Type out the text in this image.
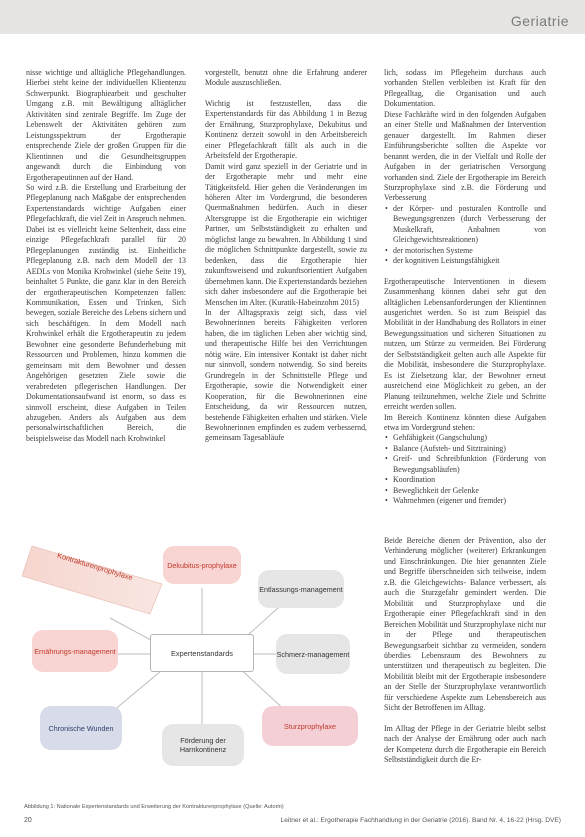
Geriatrie

nisse wichtige und alltägliche Pflegehandlungen. Hierbei steht keine der individuellen Klientenzu Schwerpunkt. Biographiearbeit und geschulter Umgang z.B. mit Bewältigung alltäglicher Aktivitäten sind zentrale Begriffe. Im Zuge der Lebenswelt der Aktivitäten gehören zum Leistungsspektrum der Ergotherapie entsprechende Ziele der großen Gruppen für die Klientinnen und die Gesundheitsgruppen angewandt durch die Einbindung von Ergotherapeutinnen auf der Hand.

So wird z.B. die Erstellung und Erarbeitung der Pflegeplanung nach Maßgabe der entsprechenden Expertenstandards wichtige Aufgaben einer Pflegefachkraft, die viel Zeit in Anspruch nehmen. Dabei ist es vielleicht keine Seltenheit, dass eine einzige Pflegefachkraft parallel für 20 Pflegeplanungen zuständig ist. Einheitliche Pflegeplanung z.B. nach dem Modell der 13 AEDLs von Monika Krohwinkel (siehe Seite 19), beinhaltet 5 Punkte, die ganz klar in den Bereich der ergotherapeutischen Kompetenzen fallen: Kommunikation, Essen und Trinken, Sich bewegen, soziale Bereiche des Lebens sichern und sich beschäftigen. In dem Modell nach Krohwinkel erhält die Ergotherapeutin zu jedem Bewohner eine gesonderte Befunderhebung mit Ressourcen und Problemen, hinzu kommen die gemeinsam mit dem Bewohner und dessen Angehörigen gesetzten Ziele sowie die verabredeten pflegerischen Handlungen. Der Dokumentationsaufwand ist enorm, so dass es sinnvoll erscheint, diese Aufgaben in Teilen abzugeben. Anders als Aufgaben aus dem personalwirtschaftlichen Bereich, die beispielsweise das Modell nach Krohwinkel

vorgestellt, benutzt ohne die Erfahrung anderer Module auszuschließen.

Wichtig ist festzustellen, dass die Expertenstandards für das Abbildung 1 in Bezug der Ernährung, Sturzprophylaxe, Dekubitus und Kontinenz derzeit sowohl in den Arbeitsbereich einer Pflegefachkraft fällt als auch in die Arbeitsfeld der Ergotherapie.

Damit wird ganz speziell in der Geriatrie und in der Ergotherapie mehr und mehr eine Tätigkeitsfeld. Hier gehen die Veränderungen im höheren Alter im Vordergrund, die besonderen Quermaßnahmen bedürfen. Auch in dieser Altersgruppe ist die Ergotherapie ein wichtiger Partner, um Selbstständigkeit zu erhalten und möglichst lange zu bewahren. In Abbildung 1 sind die möglichen Schnittpunkte dargestellt, sowie zu bedenken, dass die Ergotherapie hier zukunftsweisend und zukunftsorientiert Aufgaben übernehmen kann. Die Expertenstandards beziehen sich daher insbesondere auf die Ergotherapie bei Menschen im Alter. (Kuratik-Habeinzohm 2015)

In der Alltagspraxis zeigt sich, dass viel Bewohnerinnen bereits Fähigkeiten verloren haben, die im täglichen Leben aber wichtig sind, und therapeutische Hilfe bei den Verrichtungen nötig wäre. Ein intensiver Kontakt ist daher nicht nur sinnvoll, sondern notwendig. So sind bereits Grundregeln in der Schnittstelle Pflege und Ergotherapie, sowie die Notwendigkeit einer Kooperation, für die Bewohnerinnen eine Entscheidung, da wir Ressourcen nutzen, bestehende Fähigkeiten erhalten und stärken. Viele Bewohnerinnen empfinden es zudem verbessernd, gemeinsam Tagesabläufe

lich, sodass im Pflegeheim durchaus auch vorhanden Stellen verbleiben ist Kraft für den Pflegealltag, die Organisation und auch Dokumentation.

Diese Fachkräfte wird in den folgenden Aufgaben an einer Stelle und Maßnahmen der Intervention genauer dargestellt. Im Rahmen dieser Einführungsberichte sollten die Aspekte vor benannt werden, die in der Vielfalt und Rolle der Aufgaben in der geriatrischen Versorgung vorhanden sind. Ziele der Ergotherapie im Bereich Sturzprophylaxe sind z.B. die Förderung und Verbesserung

• der Körper- und posturalen Kontrolle und Bewegungsgrenzen (durch Verbesserung der Muskelkraft, Anbahnen von Gleichgewichtsreaktionen)
• der motorischen Systeme
• der kognitiven Leistungsfähigkeit

Ergotherapeutische Interventionen in diesem Zusammenhang können dabei sehr gut den alltäglichen Lebensanforderungen der Klientinnen ausgerichtet werden. So ist zum Beispiel das Mobilität in der Handhabung des Rollators in einer Bewegungssituation und sicheren Situationen zu nutzen, um Stürze zu vermeiden. Bei Förderung der Selbstständigkeit gelten auch alle Aspekte für die Mobilität, insbesondere die Sturzprophylaxe. Es ist Zielsetzung klar, der Bewohner erneut ausreichend eine Möglichkeit zu geben, an der Planung teilzunehmen, welche Ziele und Schritte erreicht werden sollen.

Im Bereich Kontinenz könnten diese Aufgaben etwa im Vordergrund stehen:

• Gehfähigkeit (Gangschulung)
• Balance (Aufsteh- und Sitztraining)
• Greif- und Schreibfunktion (Förderung von Bewegungsabläufen)
• Koordination
• Beweglichkeit der Gelenke
• Wahrnehmen (eigener und fremder)

Beide Bereiche dienen der Prävention, also der Verhinderung möglicher (weiterer) Erkrankungen und Einschränkungen. Die hier genannten Ziele und Begriffe überschneiden sich teilweise, indem z.B. die Gleichgewichts- Balance verbessert, als auch die Sturzgefahr gemindert werden. Die Mobilität und Sturzprophylaxe und die Ergotherapie einer Pflegefachkraft sind in den Bereichen Mobilität und Sturzprophylaxe nicht nur in der Pflege und therapeutischen Bewegungsarbeit sichtbar zu vermeiden, sondern überdies Lebensraum des Bewohners zu unterstützen und therapeutisch zu begleiten. Die Mobilität bleibt mit der Ergotherapie insbesondere an der Stelle der Sturzprophylaxe verantwortlich für verschiedene Aspekte zum Lebensbereich aus Sicht der Betroffenen im Alltag.

Im Alltag der Pflege in der Geriatrie bleibt selbst nach der Analyse der Ernährung oder auch nach der Kompetenz durch die Ergotherapie ein Bereich Selbstständigkeit durch die Er-

Kontrakturenprophylaxe	Dekubitus-prophylaxe
Entlassungs-management
Ernährungs-management	Expertenstandards	Schmerz-management
Chronische Wunden
Förderung der Harnkontinenz
Sturzprophylaxe
Abbildung 1: Nationale Expertenstandards und Erweiterung der Kontrakturenprophylaxe (Quelle: Autorin)
20	Leitner et al.: Ergotherapie Fachhandlung in der Geriatrie (2016). Band Nr. 4, 16-22 (Hrsg. DVE)
